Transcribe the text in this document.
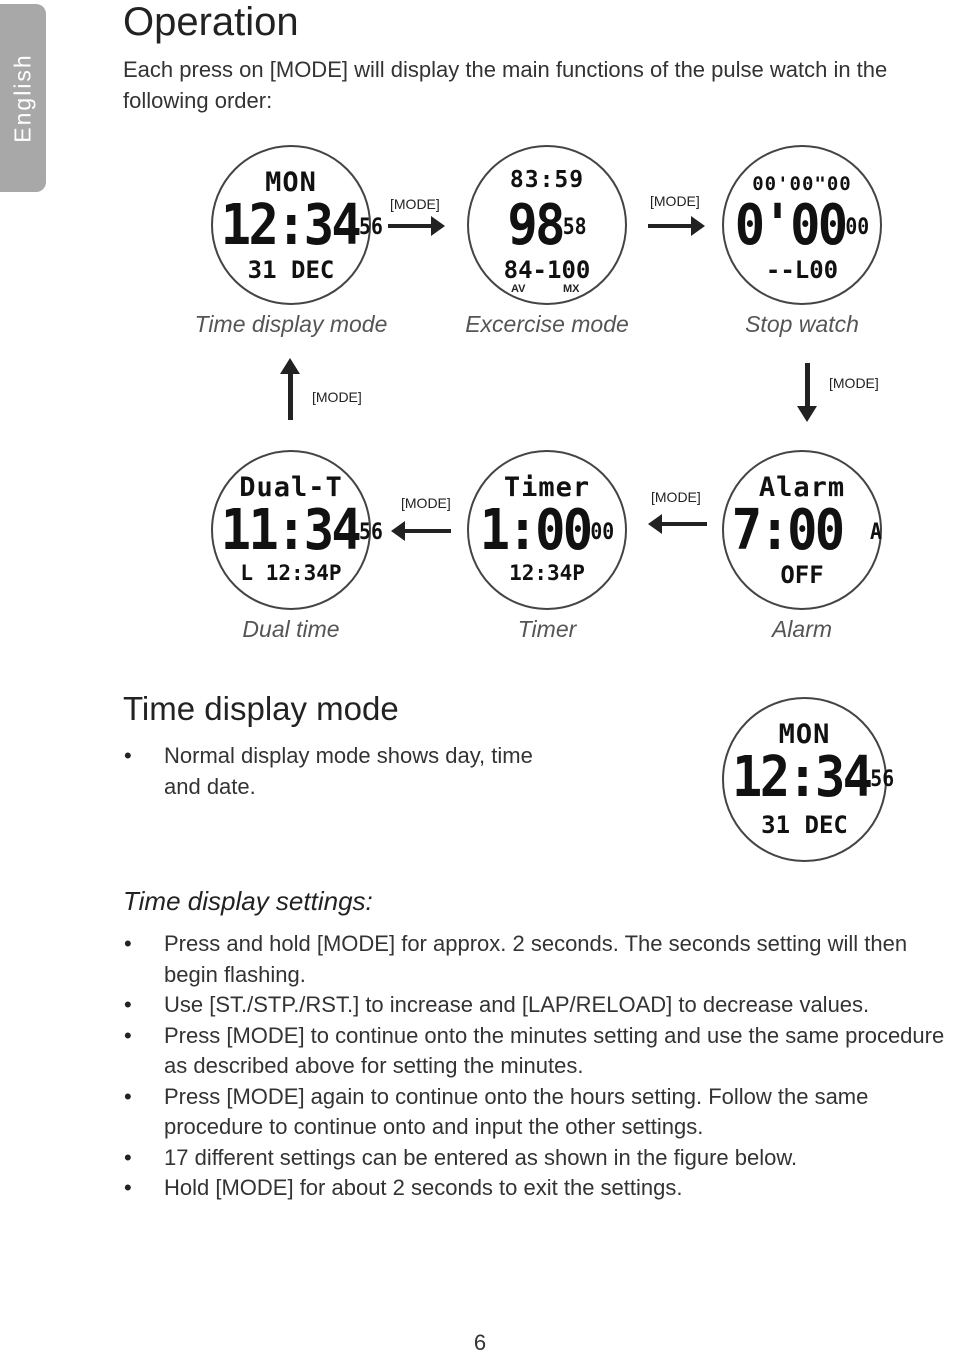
English
Operation

Each press on [MODE] will display the main functions of the pulse watch in the following order:

MON
12:3456
31 DEC
Time display mode
[MODE]
83:59
9858
84-100
AV	MX
Excercise mode
[MODE]
00'00"00
0'0000
--L00
Stop watch
[MODE]
[MODE]
Dual-T
11:3456
L 12:34P
Dual time
[MODE]	Timer
1:0000
12:34P
Timer
[MODE]	Alarm
7:00 A
OFF
Alarm
Time display mode
• Normal display mode shows day, time and date.
MON
12:3456
31 DEC
Time display settings:
• Press and hold [MODE] for approx. 2 seconds. The seconds setting will then begin flashing.
• Use [ST./STP./RST.] to increase and [LAP/RELOAD] to decrease values.
• Press [MODE] to continue onto the minutes setting and use the same procedure as described above for setting the minutes.
• Press [MODE] again to continue onto the hours setting. Follow the same procedure to continue onto and input the other settings.
• 17 different settings can be entered as shown in the figure below.
• Hold [MODE] for about 2 seconds to exit the settings.
6
